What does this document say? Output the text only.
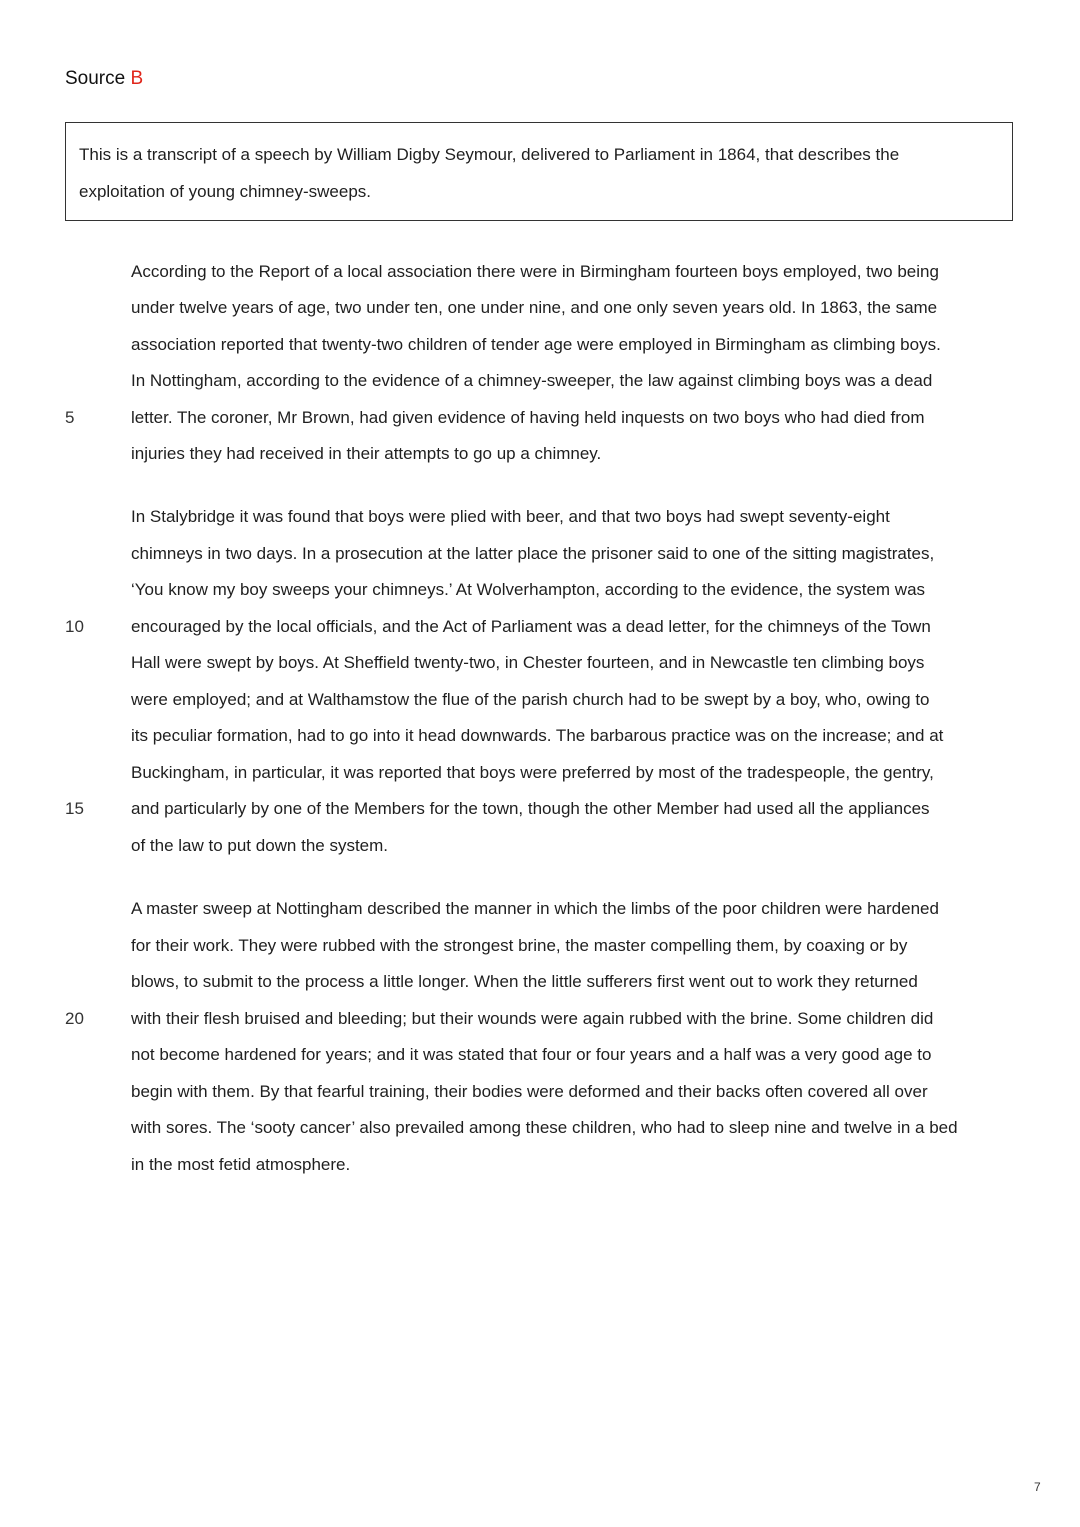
Source B
This is a transcript of a speech by William Digby Seymour, delivered to Parliament in 1864, that describes the
exploitation of young chimney-sweeps.
According to the Report of a local association there were in Birmingham fourteen boys employed, two being
under twelve years of age, two under ten, one under nine, and one only seven years old. In 1863, the same
association reported that twenty-two children of tender age were employed in Birmingham as climbing boys.
In Nottingham, according to the evidence of a chimney-sweeper, the law against climbing boys was a dead
letter. The coroner, Mr Brown, had given evidence of having held inquests on two boys who had died from
injuries they had received in their attempts to go up a chimney.
In Stalybridge it was found that boys were plied with beer, and that two boys had swept seventy-eight
chimneys in two days. In a prosecution at the latter place the prisoner said to one of the sitting magistrates,
‘You know my boy sweeps your chimneys.’ At Wolverhampton, according to the evidence, the system was
encouraged by the local officials, and the Act of Parliament was a dead letter, for the chimneys of the Town
Hall were swept by boys. At Sheffield twenty-two, in Chester fourteen, and in Newcastle ten climbing boys
were employed; and at Walthamstow the flue of the parish church had to be swept by a boy, who, owing to
its peculiar formation, had to go into it head downwards. The barbarous practice was on the increase; and at
Buckingham, in particular, it was reported that boys were preferred by most of the tradespeople, the gentry,
and particularly by one of the Members for the town, though the other Member had used all the appliances
of the law to put down the system.
A master sweep at Nottingham described the manner in which the limbs of the poor children were hardened
for their work. They were rubbed with the strongest brine, the master compelling them, by coaxing or by
blows, to submit to the process a little longer. When the little sufferers first went out to work they returned
with their flesh bruised and bleeding; but their wounds were again rubbed with the brine. Some children did
not become hardened for years; and it was stated that four or four years and a half was a very good age to
begin with them. By that fearful training, their bodies were deformed and their backs often covered all over
with sores. The ‘sooty cancer’ also prevailed among these children, who had to sleep nine and twelve in a bed
in the most fetid atmosphere.
5
10
15
20
7
